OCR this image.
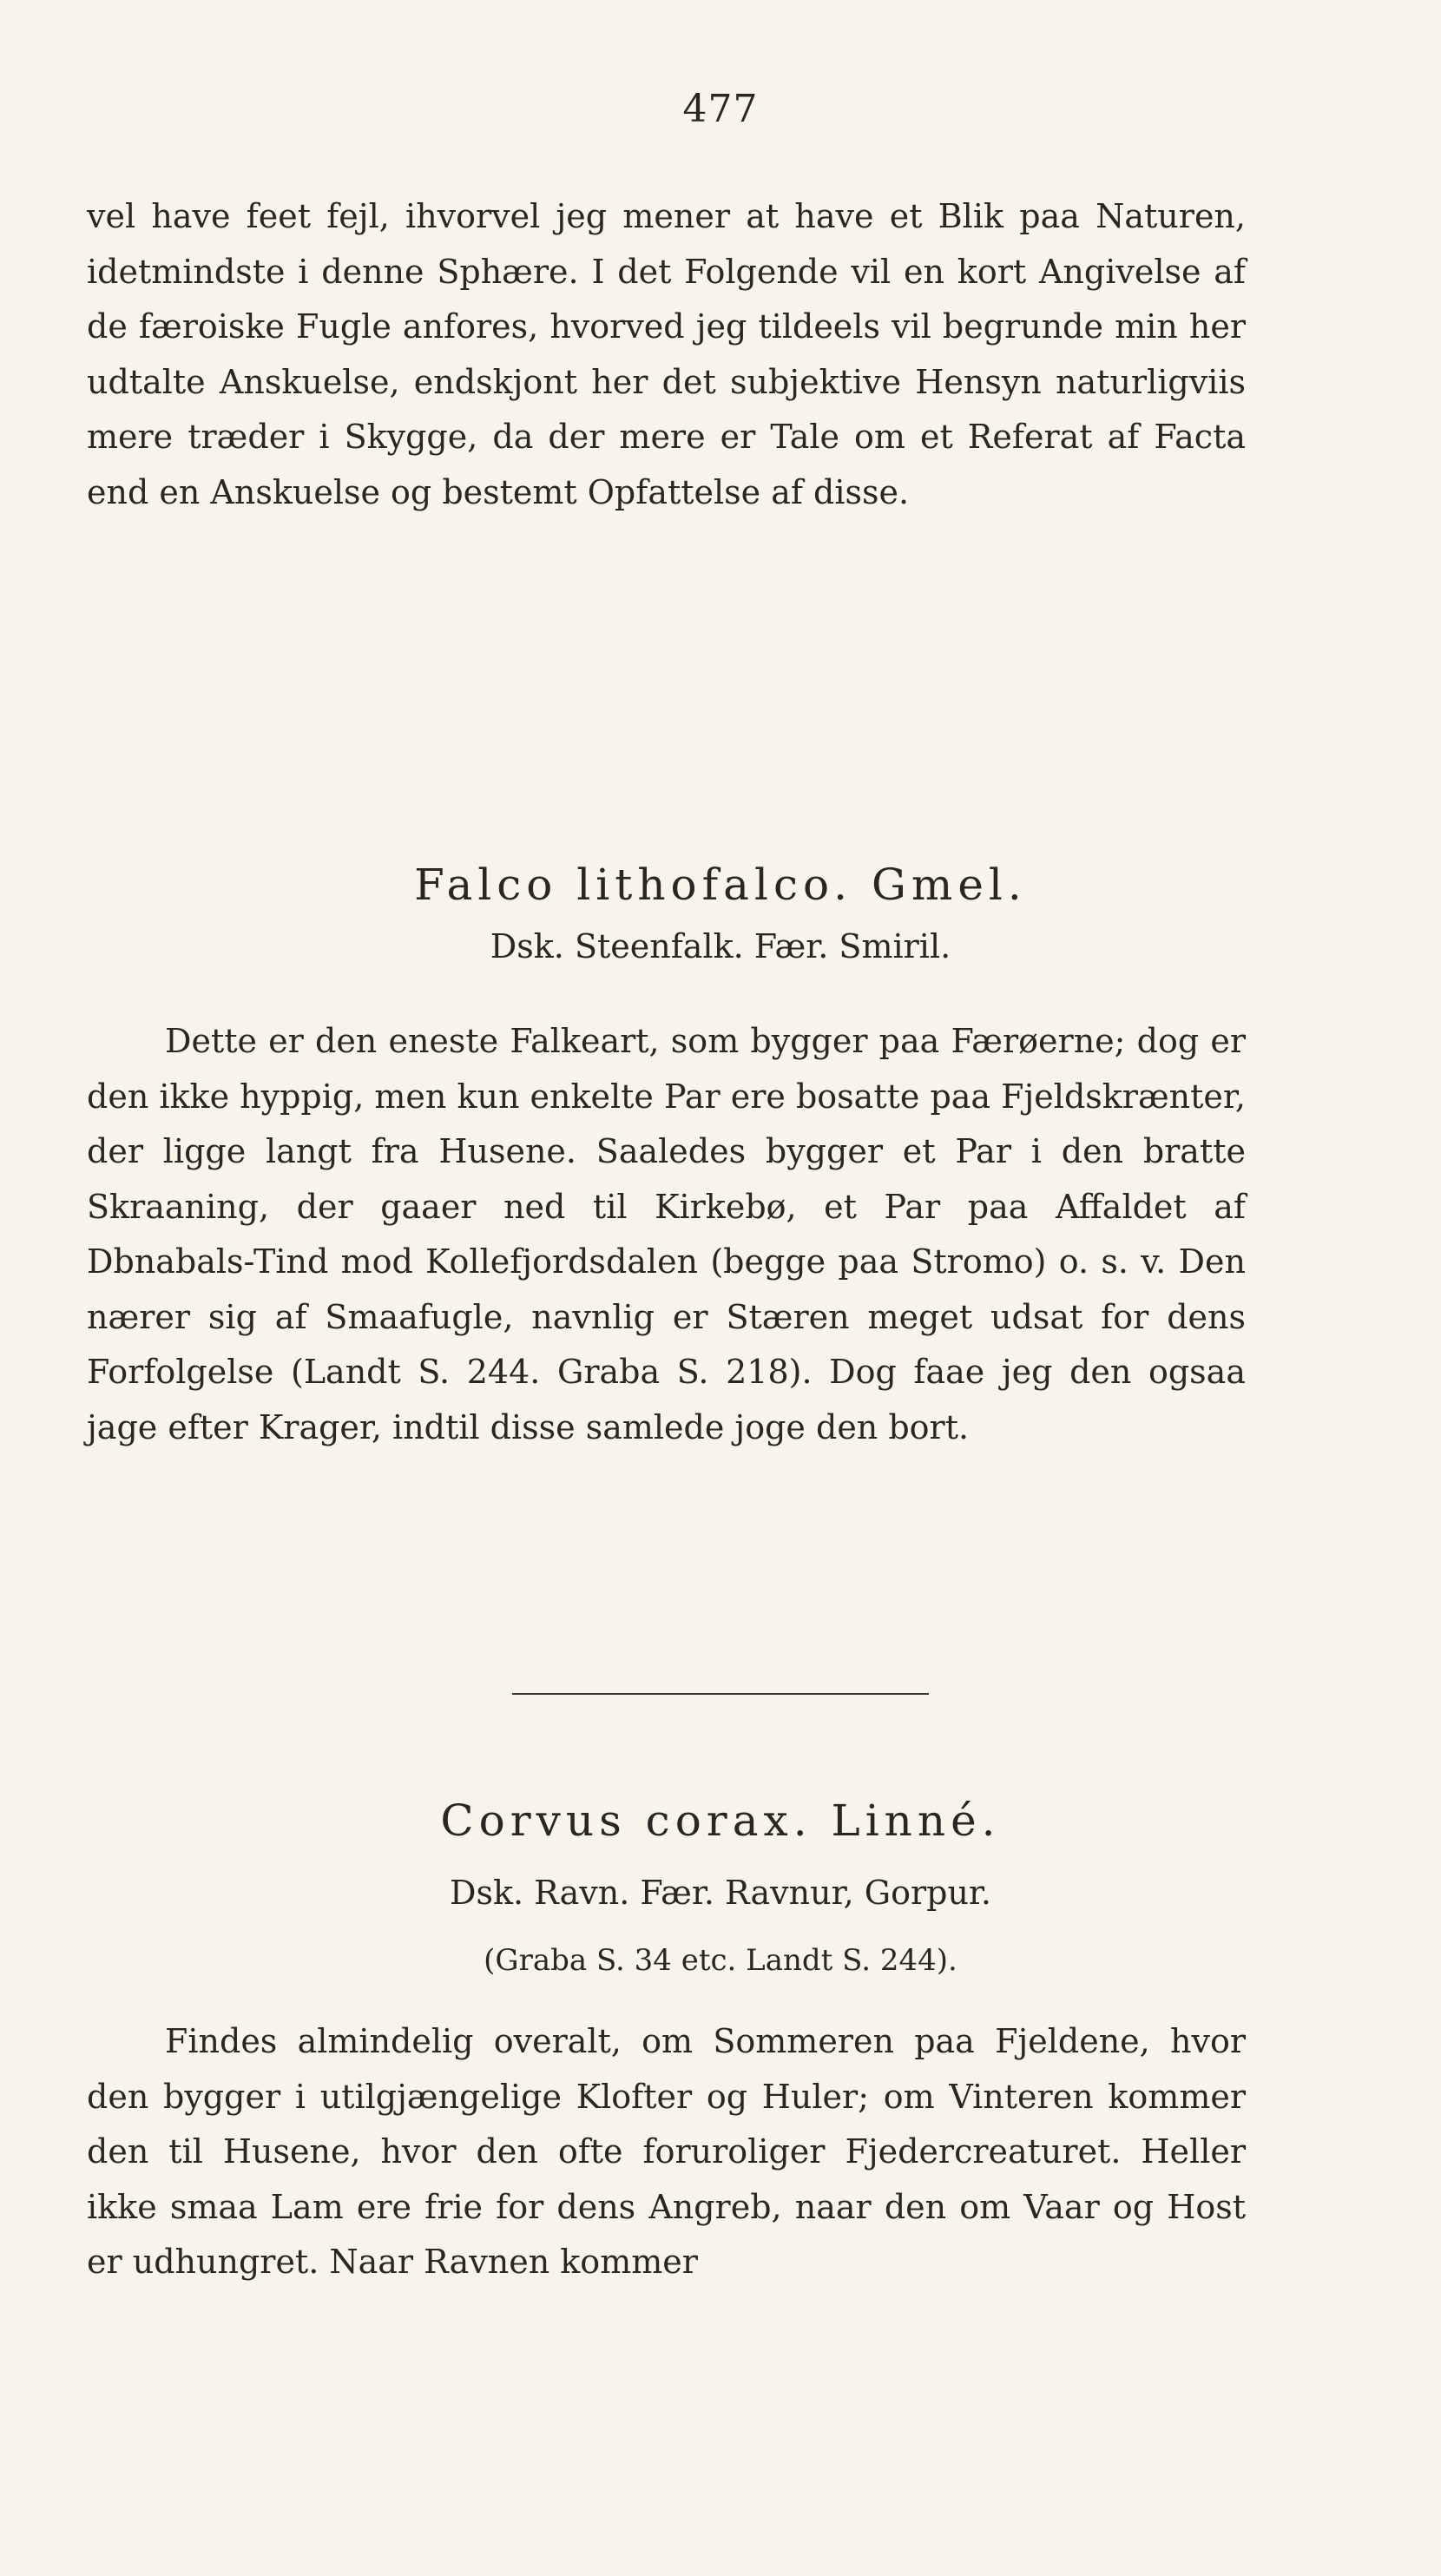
477

vel have feet fejl, ihvorvel jeg mener at have et Blik paa Naturen, idetmindste i denne Sphære. I det Folgende vil en kort Angivelse af de færoiske Fugle anfores, hvorved jeg tildeels vil begrunde min her udtalte Anskuelse, endskjont her det subjektive Hensyn naturligviis mere træder i Skygge, da der mere er Tale om et Referat af Facta end en Anskuelse og bestemt Opfattelse af disse.

Falco lithofalco. Gmel.
Dsk. Steenfalk. Fær. Smiril.

Dette er den eneste Falkeart, som bygger paa Færøerne; dog er den ikke hyppig, men kun enkelte Par ere bosatte paa Fjeldskrænter, der ligge langt fra Husene. Saaledes bygger et Par i den bratte Skraaning, der gaaer ned til Kirkebø, et Par paa Affaldet af Dbnabals-Tind mod Kollefjordsdalen (begge paa Stromo) o. s. v. Den nærer sig af Smaafugle, navnlig er Stæren meget udsat for dens Forfolgelse (Landt S. 244. Graba S. 218). Dog faae jeg den ogsaa jage efter Krager, indtil disse samlede joge den bort.

Corvus corax. Linné.
Dsk. Ravn. Fær. Ravnur, Gorpur.
(Graba S. 34 etc. Landt S. 244).

Findes almindelig overalt, om Sommeren paa Fjeldene, hvor den bygger i utilgjængelige Klofter og Huler; om Vinteren kommer den til Husene, hvor den ofte foruroliger Fjedercreaturet. Heller ikke smaa Lam ere frie for dens Angreb, naar den om Vaar og Host er udhungret. Naar Ravnen kommer
